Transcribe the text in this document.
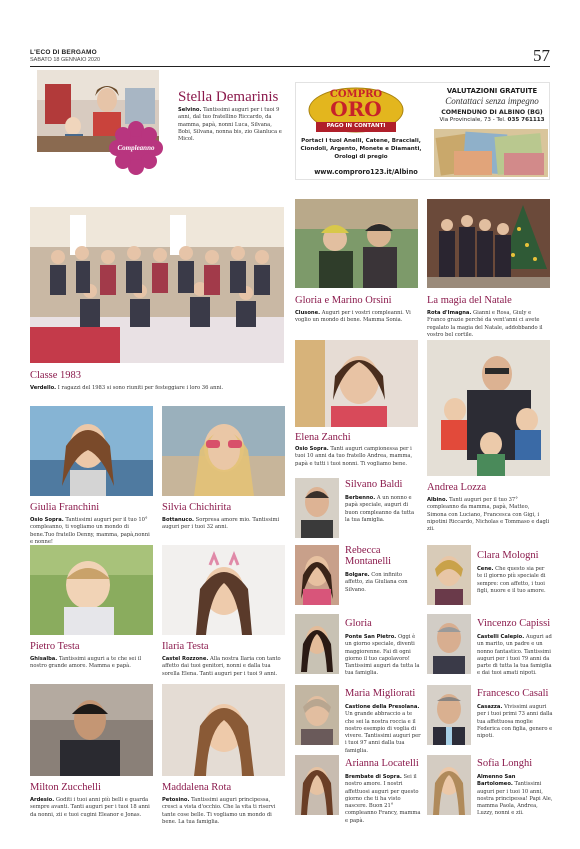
L'ECO DI BERGAMO
SABATO 18 GENNAIO 2020	57
Compleanno
Stella Demarinis
Selvino. Tantissimi auguri per i tuoi 9 anni, dal tuo fratellino Riccardo, da mamma, papà, nonni Luca, Silvana, Bobi, Silvana, nonna bis, zio Gianluca e Micol.
COMPRO
ORO
PAGO IN CONTANTI
VALUTAZIONI GRATUITE
Contattaci senza impegno
COMENDUNO DI ALBINO (BG)
Via Provinciale, 73 - Tel. 035 761113
Portaci i tuoi Anelli, Catene, Bracciali,
Ciondoli, Argento, Monete e Diamanti,
Orologi di pregio
www.comproro123.it/Albino
Classe 1983
Verdello. I ragazzi del 1983 si sono riuniti per festeggiare i loro 36 anni.
Gloria e Marino Orsini
Clusone. Auguri per i vostri compleanni. Vi voglio un mondo di bene. Mamma Sonia.
La magia del Natale
Rota d'Imagna. Gianni e Rosa, Giuly e Franco grazie perché da vent'anni ci avete regalato la magia del Natale, addobbando il vostro bel cortile.
Elena Zanchi
Osio Sopra. Tanti auguri campionessa per i tuoi 10 anni da tuo fratello Andrea, mamma, papà e tutti i tuoi nonni. Ti vogliamo bene.
Giulia Franchini
Osio Sopra. Tantissimi auguri per il tuo 10° compleanno, ti vogliamo un mondo di bene.Tuo fratello Denny, mamma, papà,nonni e nonne!
Silvia Chichirita
Bottanuco. Sorpresa amore mio. Tantissimi auguri per i tuoi 32 anni.
Silvano Baldi
Berbenno. A un nonno e papà speciale, auguri di buon compleanno da tutta la tua famiglia.
Andrea Lozza
Albino. Tanti auguri per il tuo 37° compleanno da mamma, papà, Matteo, Simona con Luciano, Francesca con Gigi, i nipotini Riccardo, Nicholas e Tommaso e dagli zii.
Rebecca Montanelli
Bolgare. Con infinito affetto, zia Giuliana con Silvano.
Clara Mologni
Cene. Che questo sia per te il giorno più speciale di sempre: con affetto, i tuoi figli, nuore e il tuo amore.
Pietro Testa
Ghisalba. Tantissimi auguri a te che sei il nostro grande amore. Mamma e papà.
Ilaria Testa
Castel Rozzone. Alla nostra Ilaria con tanto affetto dai tuoi genitori, nonni e dalla tua sorella Elena. Tanti auguri per i tuoi 9 anni.
Gloria
Ponte San Pietro. Oggi è un giorno speciale, diventi maggiorenne. Fai di ogni giorno il tuo capolavoro! Tantissimi auguri da tutta la tua famiglia.
Vincenzo Capissi
Castelli Calepio. Auguri ad un marito, un padre e un nonno fantastico. Tantissimi auguri per i tuoi 79 anni da parte di tutta la tua famiglia e dai tuoi amati nipoti.
Maria Migliorati
Castione della Presolana. Un grande abbraccio a te che sei la nostra roccia e il nostro esempio di voglia di vivere. Tantissimi auguri per i tuoi 97 anni dalla tua famiglia.
Francesco Casali
Casazza. Vivissimi auguri per i tuoi primi 73 anni dalla tua affettuosa moglie Federica con figlia, genero e nipoti.
Milton Zucchelli
Ardesio. Goditi i tuoi anni più belli e guarda sempre avanti. Tanti auguri per i tuoi 18 anni da nonni, zii e tuoi cugini Eleanor e Jonas.
Maddalena Rota
Petosino. Tantissimi auguri principessa, cresci a vista d'occhio. Che la vita ti riservi tante cose belle. Ti vogliamo un mondo di bene. La tua famiglia.
Arianna Locatelli
Brembate di Sopra. Sei il nostro amore. I nostri affettuosi auguri per questo giorno che ti ha visto nascere. Buon 21° compleanno Francy, mamma e papà.
Sofia Longhi
Almenno San Bartolomeo. Tantissimi auguri per i tuoi 10 anni, nostra principessa! Papi Ale, mamma Paola, Andrea, Luzzy, nonni e zii.
